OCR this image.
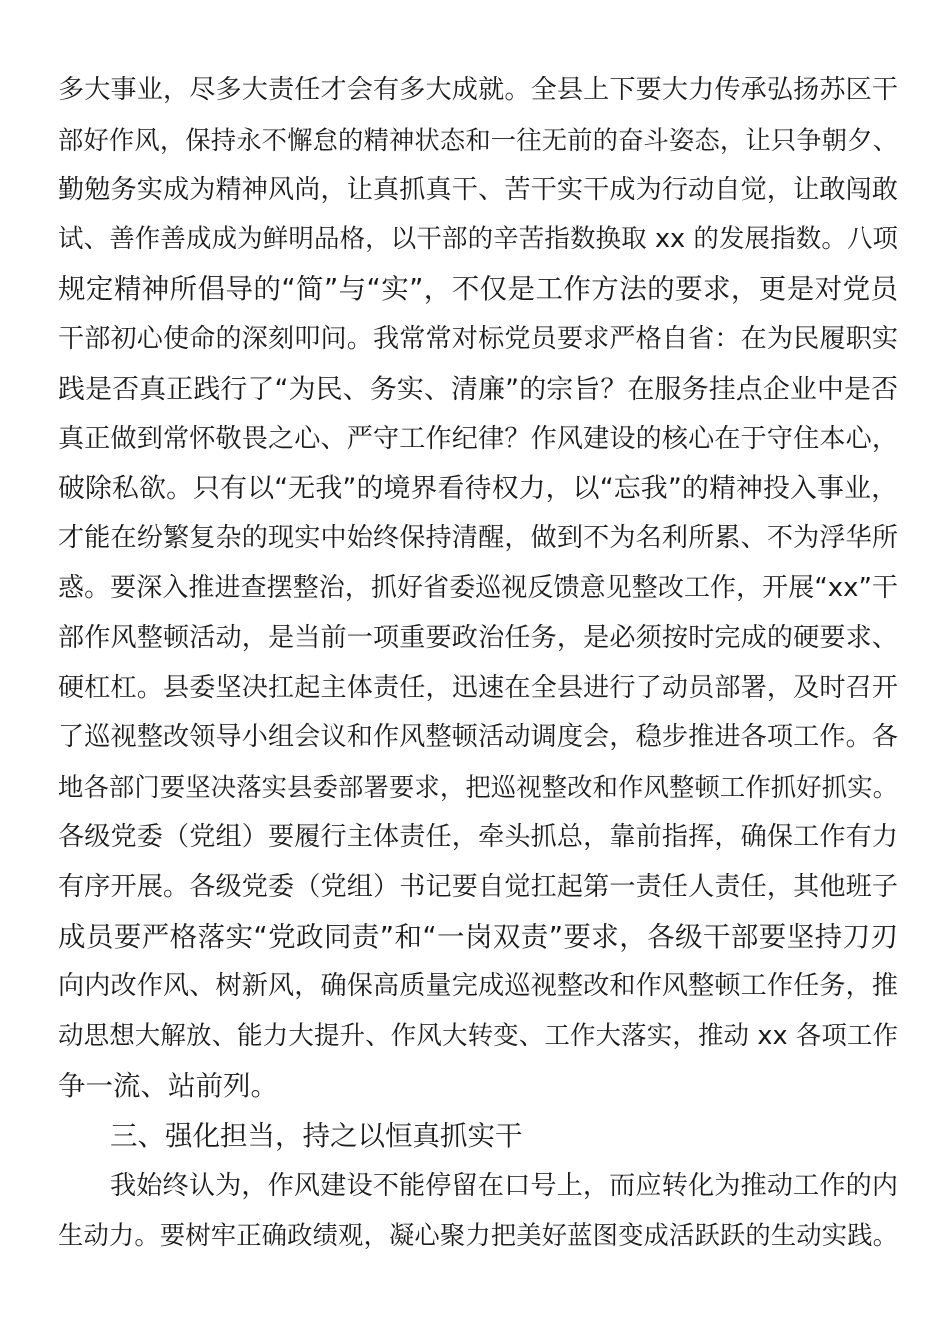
多大事业，尽多大责任才会有多大成就。全县上下要大力传承弘扬苏区干
部好作风，保持永不懈怠的精神状态和一往无前的奋斗姿态，让只争朝夕、
勤勉务实成为精神风尚，让真抓真干、苦干实干成为行动自觉，让敢闯敢
试、善作善成成为鲜明品格，以干部的辛苦指数换取 xx 的发展指数。八项
规定精神所倡导的“简”与“实”，不仅是工作方法的要求，更是对党员
干部初心使命的深刻叩问。我常常对标党员要求严格自省：在为民履职实
践是否真正践行了“为民、务实、清廉”的宗旨？在服务挂点企业中是否
真正做到常怀敬畏之心、严守工作纪律？作风建设的核心在于守住本心，
破除私欲。只有以“无我”的境界看待权力，以“忘我”的精神投入事业，
才能在纷繁复杂的现实中始终保持清醒，做到不为名利所累、不为浮华所
惑。要深入推进查摆整治，抓好省委巡视反馈意见整改工作，开展“xx”干
部作风整顿活动，是当前一项重要政治任务，是必须按时完成的硬要求、
硬杠杠。县委坚决扛起主体责任，迅速在全县进行了动员部署，及时召开
了巡视整改领导小组会议和作风整顿活动调度会，稳步推进各项工作。各
地各部门要坚决落实县委部署要求，把巡视整改和作风整顿工作抓好抓实。
各级党委（党组）要履行主体责任，牵头抓总，靠前指挥，确保工作有力
有序开展。各级党委（党组）书记要自觉扛起第一责任人责任，其他班子
成员要严格落实“党政同责”和“一岗双责”要求，各级干部要坚持刀刃
向内改作风、树新风，确保高质量完成巡视整改和作风整顿工作任务，推
动思想大解放、能力大提升、作风大转变、工作大落实，推动 xx 各项工作
争一流、站前列。
三、强化担当，持之以恒真抓实干
我始终认为，作风建设不能停留在口号上，而应转化为推动工作的内
生动力。要树牢正确政绩观，凝心聚力把美好蓝图变成活跃跃的生动实践。
